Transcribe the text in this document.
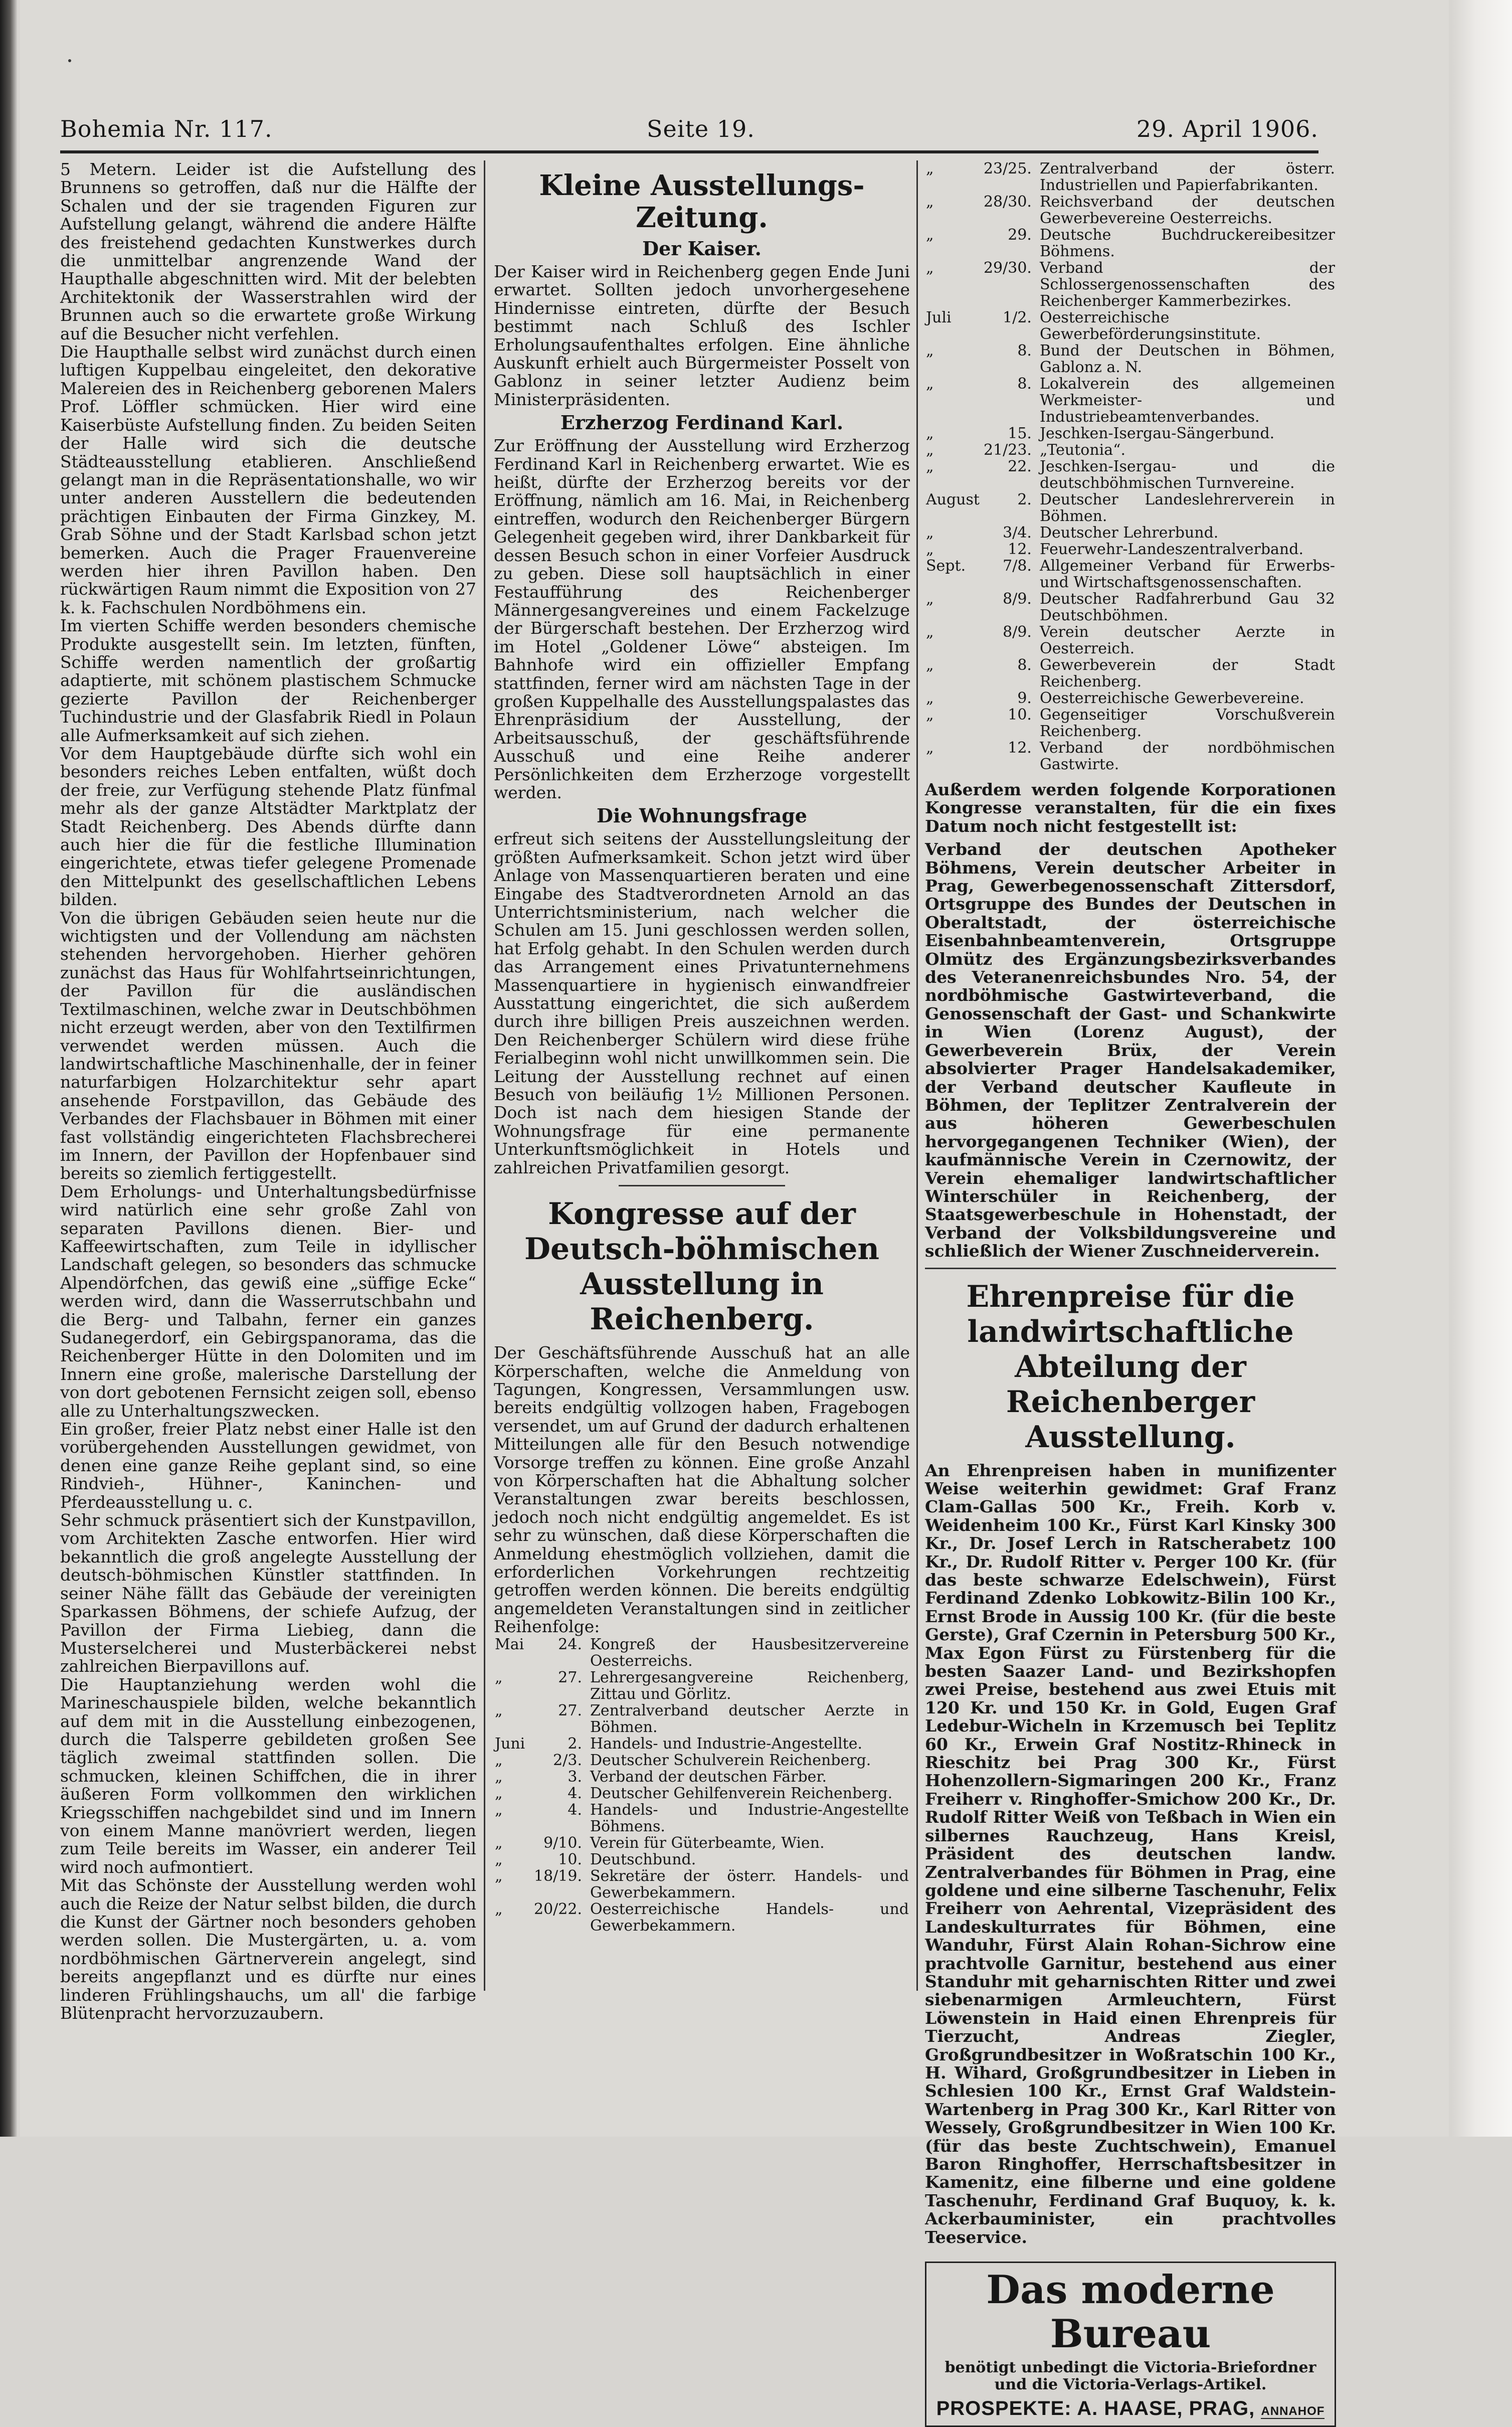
Bohemia Nr. 117.	Seite 19.	29. April 1906.

5 Metern. Leider ist die Aufstellung des Brunnens so getroffen, daß nur die Hälfte der Schalen und der sie tragenden Figuren zur Aufstellung gelangt, während die andere Hälfte des freistehend gedachten Kunstwerkes durch die unmittelbar angrenzende Wand der Haupthalle abgeschnitten wird. Mit der belebten Architektonik der Wasserstrahlen wird der Brunnen auch so die erwartete große Wirkung auf die Besucher nicht verfehlen.

Die Haupthalle selbst wird zunächst durch einen luftigen Kuppelbau eingeleitet, den dekorative Malereien des in Reichenberg geborenen Malers Prof. Löffler schmücken. Hier wird eine Kaiserbüste Aufstellung finden. Zu beiden Seiten der Halle wird sich die deutsche Städteausstellung etablieren. Anschließend gelangt man in die Repräsentationshalle, wo wir unter anderen Ausstellern die bedeutenden prächtigen Einbauten der Firma Ginzkey, M. Grab Söhne und der Stadt Karlsbad schon jetzt bemerken. Auch die Prager Frauenvereine werden hier ihren Pavillon haben. Den rückwärtigen Raum nimmt die Exposition von 27 k. k. Fachschulen Nordböhmens ein.

Im vierten Schiffe werden besonders chemische Produkte ausgestellt sein. Im letzten, fünften, Schiffe werden namentlich der großartig adaptierte, mit schönem plastischem Schmucke gezierte Pavillon der Reichenberger Tuchindustrie und der Glasfabrik Riedl in Polaun alle Aufmerksamkeit auf sich ziehen.

Vor dem Hauptgebäude dürfte sich wohl ein besonders reiches Leben entfalten, wüßt doch der freie, zur Verfügung stehende Platz fünfmal mehr als der ganze Altstädter Marktplatz der Stadt Reichenberg. Des Abends dürfte dann auch hier die für die festliche Illumination eingerichtete, etwas tiefer gelegene Promenade den Mittelpunkt des gesellschaftlichen Lebens bilden.

Von die übrigen Gebäuden seien heute nur die wichtigsten und der Vollendung am nächsten stehenden hervorgehoben. Hierher gehören zunächst das Haus für Wohlfahrtseinrichtungen, der Pavillon für die ausländischen Textilmaschinen, welche zwar in Deutschböhmen nicht erzeugt werden, aber von den Textilfirmen verwendet werden müssen. Auch die landwirtschaftliche Maschinenhalle, der in feiner naturfarbigen Holzarchitektur sehr apart ansehende Forstpavillon, das Gebäude des Verbandes der Flachsbauer in Böhmen mit einer fast vollständig eingerichteten Flachsbrecherei im Innern, der Pavillon der Hopfenbauer sind bereits so ziemlich fertiggestellt.

Dem Erholungs- und Unterhaltungsbedürfnisse wird natürlich eine sehr große Zahl von separaten Pavillons dienen. Bier- und Kaffeewirtschaften, zum Teile in idyllischer Landschaft gelegen, so besonders das schmucke Alpendörfchen, das gewiß eine „süffige Ecke“ werden wird, dann die Wasserrutschbahn und die Berg- und Talbahn, ferner ein ganzes Sudanegerdorf, ein Gebirgspanorama, das die Reichenberger Hütte in den Dolomiten und im Innern eine große, malerische Darstellung der von dort gebotenen Fernsicht zeigen soll, ebenso alle zu Unterhaltungszwecken.

Ein großer, freier Platz nebst einer Halle ist den vorübergehenden Ausstellungen gewidmet, von denen eine ganze Reihe geplant sind, so eine Rindvieh-, Hühner-, Kaninchen- und Pferdeausstellung u. c.

Sehr schmuck präsentiert sich der Kunstpavillon, vom Architekten Zasche entworfen. Hier wird bekanntlich die groß angelegte Ausstellung der deutsch-böhmischen Künstler stattfinden. In seiner Nähe fällt das Gebäude der vereinigten Sparkassen Böhmens, der schiefe Aufzug, der Pavillon der Firma Liebieg, dann die Musterselcherei und Musterbäckerei nebst zahlreichen Bierpavillons auf.

Die Hauptanziehung werden wohl die Marineschauspiele bilden, welche bekanntlich auf dem mit in die Ausstellung einbezogenen, durch die Talsperre gebildeten großen See täglich zweimal stattfinden sollen. Die schmucken, kleinen Schiffchen, die in ihrer äußeren Form vollkommen den wirklichen Kriegsschiffen nachgebildet sind und im Innern von einem Manne manövriert werden, liegen zum Teile bereits im Wasser, ein anderer Teil wird noch aufmontiert.

Mit das Schönste der Ausstellung werden wohl auch die Reize der Natur selbst bilden, die durch die Kunst der Gärtner noch besonders gehoben werden sollen. Die Mustergärten, u. a. vom nordböhmischen Gärtnerverein angelegt, sind bereits angepflanzt und es dürfte nur eines linderen Frühlingshauchs, um all' die farbige Blütenpracht hervorzuzaubern.

Kleine Ausstellungs-Zeitung.
Der Kaiser.

Der Kaiser wird in Reichenberg gegen Ende Juni erwartet. Sollten jedoch unvorhergesehene Hindernisse eintreten, dürfte der Besuch bestimmt nach Schluß des Ischler Erholungsaufenthaltes erfolgen. Eine ähnliche Auskunft erhielt auch Bürgermeister Posselt von Gablonz in seiner letzter Audienz beim Ministerpräsidenten.

Erzherzog Ferdinand Karl.

Zur Eröffnung der Ausstellung wird Erzherzog Ferdinand Karl in Reichenberg erwartet. Wie es heißt, dürfte der Erzherzog bereits vor der Eröffnung, nämlich am 16. Mai, in Reichenberg eintreffen, wodurch den Reichenberger Bürgern Gelegenheit gegeben wird, ihrer Dankbarkeit für dessen Besuch schon in einer Vorfeier Ausdruck zu geben. Diese soll hauptsächlich in einer Festaufführung des Reichenberger Männergesangvereines und einem Fackelzuge der Bürgerschaft bestehen. Der Erzherzog wird im Hotel „Goldener Löwe“ absteigen. Im Bahnhofe wird ein offizieller Empfang stattfinden, ferner wird am nächsten Tage in der großen Kuppelhalle des Ausstellungspalastes das Ehrenpräsidium der Ausstellung, der Arbeitsausschuß, der geschäftsführende Ausschuß und eine Reihe anderer Persönlichkeiten dem Erzherzoge vorgestellt werden.

Die Wohnungsfrage

erfreut sich seitens der Ausstellungsleitung der größten Aufmerksamkeit. Schon jetzt wird über Anlage von Massenquartieren beraten und eine Eingabe des Stadtverordneten Arnold an das Unterrichtsministerium, nach welcher die Schulen am 15. Juni geschlossen werden sollen, hat Erfolg gehabt. In den Schulen werden durch das Arrangement eines Privatunternehmens Massenquartiere in hygienisch einwandfreier Ausstattung eingerichtet, die sich außerdem durch ihre billigen Preis auszeichnen werden. Den Reichenberger Schülern wird diese frühe Ferialbeginn wohl nicht unwillkommen sein. Die Leitung der Ausstellung rechnet auf einen Besuch von beiläufig 1½ Millionen Personen. Doch ist nach dem hiesigen Stande der Wohnungsfrage für eine permanente Unterkunftsmöglichkeit in Hotels und zahlreichen Privatfamilien gesorgt.

Kongresse auf der Deutsch-böhmischen Ausstellung in Reichenberg.

Der Geschäftsführende Ausschuß hat an alle Körperschaften, welche die Anmeldung von Tagungen, Kongressen, Versammlungen usw. bereits endgültig vollzogen haben, Fragebogen versendet, um auf Grund der dadurch erhaltenen Mitteilungen alle für den Besuch notwendige Vorsorge treffen zu können. Eine große Anzahl von Körperschaften hat die Abhaltung solcher Veranstaltungen zwar bereits beschlossen, jedoch noch nicht endgültig angemeldet. Es ist sehr zu wünschen, daß diese Körperschaften die Anmeldung ehestmöglich vollziehen, damit die erforderlichen Vorkehrungen rechtzeitig getroffen werden können. Die bereits endgültig angemeldeten Veranstaltungen sind in zeitlicher Reihenfolge:

Mai	24.	Kongreß der Hausbesitzervereine Oesterreichs.
„	27.	Lehrergesangvereine Reichenberg, Zittau und Görlitz.
„	27.	Zentralverband deutscher Aerzte in Böhmen.
Juni	2.	Handels- und Industrie-Angestellte.
„	2/3.	Deutscher Schulverein Reichenberg.
„	3.	Verband der deutschen Färber.
„	4.	Deutscher Gehilfenverein Reichenberg.
„	4.	Handels- und Industrie-Angestellte Böhmens.
„	9/10.	Verein für Güterbeamte, Wien.
„	10.	Deutschbund.
„	18/19.	Sekretäre der österr. Handels- und Gewerbekammern.
„	20/22.	Oesterreichische Handels- und Gewerbekammern.
„	23/25.	Zentralverband der österr. Industriellen und Papierfabrikanten.
„	28/30.	Reichsverband der deutschen Gewerbevereine Oesterreichs.
„	29.	Deutsche Buchdruckereibesitzer Böhmens.
„	29/30.	Verband der Schlossergenossenschaften des Reichenberger Kammerbezirkes.
Juli	1/2.	Oesterreichische Gewerbeförderungsinstitute.
„	8.	Bund der Deutschen in Böhmen, Gablonz a. N.
„	8.	Lokalverein des allgemeinen Werkmeister- und Industriebeamtenverbandes.
„	15.	Jeschken-Isergau-Sängerbund.
„	21/23.	„Teutonia“.
„	22.	Jeschken-Isergau- und die deutschböhmischen Turnvereine.
August	2.	Deutscher Landeslehrerverein in Böhmen.
„	3/4.	Deutscher Lehrerbund.
„	12.	Feuerwehr-Landeszentralverband.
Sept.	7/8.	Allgemeiner Verband für Erwerbs- und Wirtschaftsgenossenschaften.
„	8/9.	Deutscher Radfahrerbund Gau 32 Deutschböhmen.
„	8/9.	Verein deutscher Aerzte in Oesterreich.
„	8.	Gewerbeverein der Stadt Reichenberg.
„	9.	Oesterreichische Gewerbevereine.
„	10.	Gegenseitiger Vorschußverein Reichenberg.
„	12.	Verband der nordböhmischen Gastwirte.

Außerdem werden folgende Korporationen Kongresse veranstalten, für die ein fixes Datum noch nicht festgestellt ist:

Verband der deutschen Apotheker Böhmens, Verein deutscher Arbeiter in Prag, Gewerbegenossenschaft Zittersdorf, Ortsgruppe des Bundes der Deutschen in Oberaltstadt, der österreichische Eisenbahnbeamtenverein, Ortsgruppe Olmütz des Ergänzungsbezirksverbandes des Veteranenreichsbundes Nro. 54, der nordböhmische Gastwirteverband, die Genossenschaft der Gast- und Schankwirte in Wien (Lorenz August), der Gewerbeverein Brüx, der Verein absolvierter Prager Handelsakademiker, der Verband deutscher Kaufleute in Böhmen, der Teplitzer Zentralverein der aus höheren Gewerbeschulen hervorgegangenen Techniker (Wien), der kaufmännische Verein in Czernowitz, der Verein ehemaliger landwirtschaftlicher Winterschüler in Reichenberg, der Staatsgewerbeschule in Hohenstadt, der Verband der Volksbildungsvereine und schließlich der Wiener Zuschneiderverein.

Ehrenpreise für die landwirtschaftliche Abteilung der Reichenberger Ausstellung.

An Ehrenpreisen haben in munifizenter Weise weiterhin gewidmet: Graf Franz Clam-Gallas 500 Kr., Freih. Korb v. Weidenheim 100 Kr., Fürst Karl Kinsky 300 Kr., Dr. Josef Lerch in Ratscherabetz 100 Kr., Dr. Rudolf Ritter v. Perger 100 Kr. (für das beste schwarze Edelschwein), Fürst Ferdinand Zdenko Lobkowitz-Bilin 100 Kr., Ernst Brode in Aussig 100 Kr. (für die beste Gerste), Graf Czernin in Petersburg 500 Kr., Max Egon Fürst zu Fürstenberg für die besten Saazer Land- und Bezirkshopfen zwei Preise, bestehend aus zwei Etuis mit 120 Kr. und 150 Kr. in Gold, Eugen Graf Ledebur-Wicheln in Krzemusch bei Teplitz 60 Kr., Erwein Graf Nostitz-Rhineck in Rieschitz bei Prag 300 Kr., Fürst Hohenzollern-Sigmaringen 200 Kr., Franz Freiherr v. Ringhoffer-Smichow 200 Kr., Dr. Rudolf Ritter Weiß von Teßbach in Wien ein silbernes Rauchzeug, Hans Kreisl, Präsident des deutschen landw. Zentralverbandes für Böhmen in Prag, eine goldene und eine silberne Taschenuhr, Felix Freiherr von Aehrental, Vizepräsident des Landeskulturrates für Böhmen, eine Wanduhr, Fürst Alain Rohan-Sichrow eine prachtvolle Garnitur, bestehend aus einer Standuhr mit geharnischten Ritter und zwei siebenarmigen Armleuchtern, Fürst Löwenstein in Haid einen Ehrenpreis für Tierzucht, Andreas Ziegler, Großgrundbesitzer in Woßratschin 100 Kr., H. Wihard, Großgrundbesitzer in Lieben in Schlesien 100 Kr., Ernst Graf Waldstein-Wartenberg in Prag 300 Kr., Karl Ritter von Wessely, Großgrundbesitzer in Wien 100 Kr. (für das beste Zuchtschwein), Emanuel Baron Ringhoffer, Herrschaftsbesitzer in Kamenitz, eine filberne und eine goldene Taschenuhr, Ferdinand Graf Buquoy, k. k. Ackerbauminister, ein prachtvolles Teeservice.

Das moderne Bureau
benötigt unbedingt die Victoria-Briefordner
und die Victoria-Verlags-Artikel.
PROSPEKTE: A. HAASE, PRAG, ANNAHOF
